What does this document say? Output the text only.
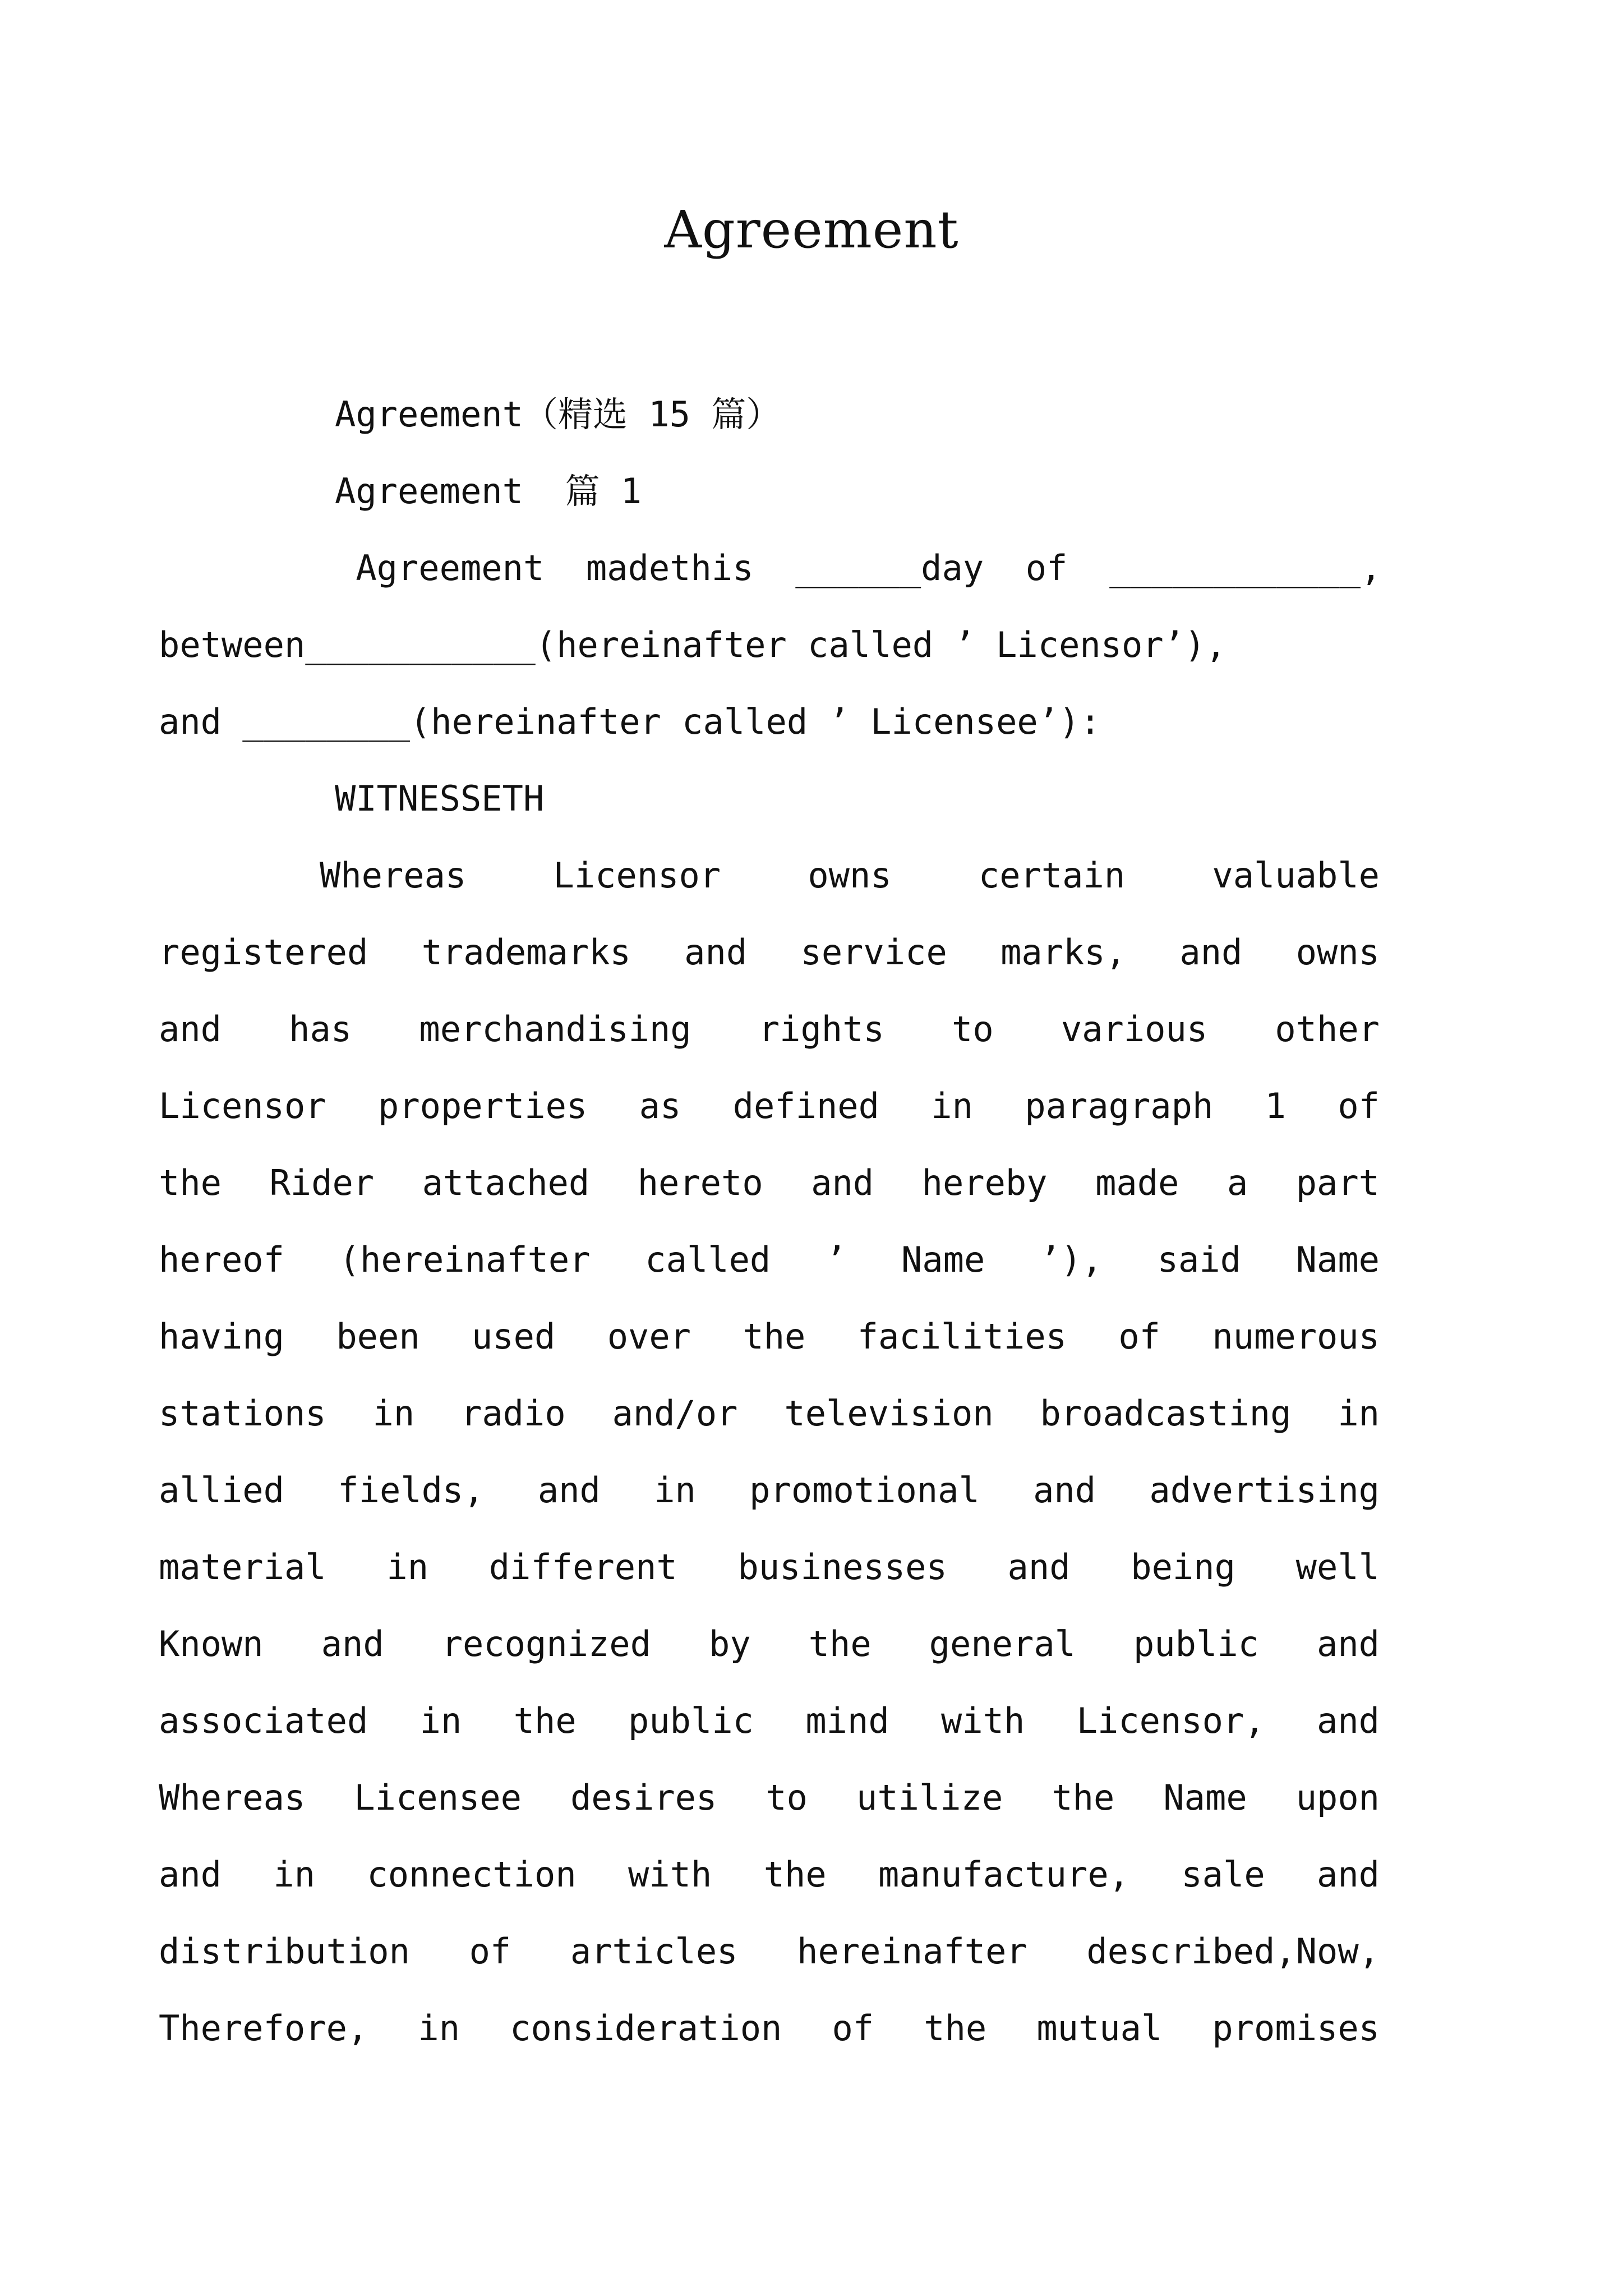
Agreement
Agreement（精选 15 篇）
Agreement  篇 1
Agreement  madethis  ______day  of  ____________,
between___________(hereinafter called ’ Licensor’),
and ________(hereinafter called ’ Licensee’):
WITNESSETH
Whereas Licensor owns certain valuable
registered trademarks and service marks, and owns
and has merchandising rights to various other
Licensor properties as defined in paragraph 1 of
the Rider attached hereto and hereby made a part
hereof (hereinafter called ’ Name ’), said Name
having been used over the facilities of numerous
stations in radio and/or television broadcasting in
allied fields, and in promotional and advertising
material in different businesses and being well
Known and recognized by the general public and
associated in the public mind with Licensor, and
Whereas Licensee desires to utilize the Name upon
and in connection with the manufacture, sale and
distribution of articles hereinafter described,Now,
Therefore, in consideration of the mutual promises
